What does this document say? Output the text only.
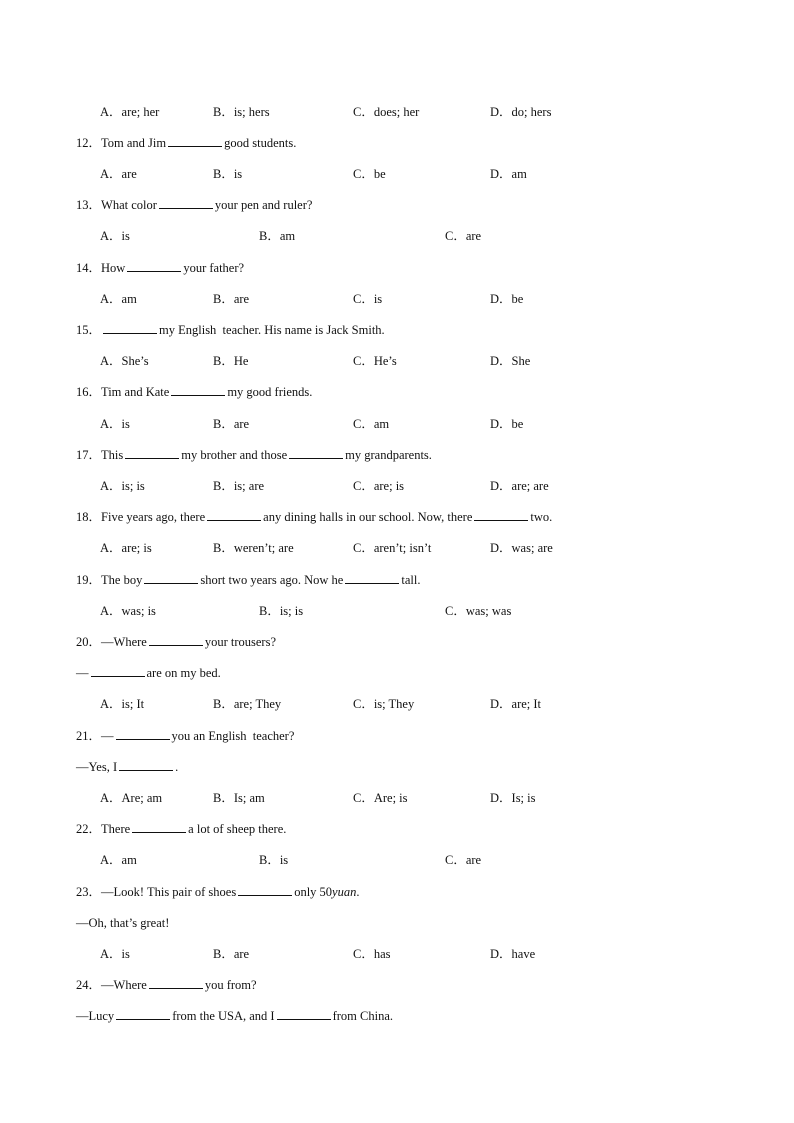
A．are; her	B．is; hers	C．does; her	D．do; hers
12．Tom and Jim	good students.
A．are	B．is	C．be	D．am
13．What color	your pen and ruler?
A．is	B．am	C．are
14．How	your father?
A．am	B．are	C．is	D．be
15．	my English  teacher. His name is Jack Smith.
A．She’s	B．He	C．He’s	D．She
16．Tim and Kate	my good friends.
A．is	B．are	C．am	D．be
17．This	my brother and those	my grandparents.
A．is; is	B．is; are	C．are; is	D．are; are
18．Five years ago, there	any dining halls in our school. Now, there	two.
A．are; is	B．weren’t; are	C．aren’t; isn’t	D．was; are
19．The boy	short two years ago. Now he	tall.
A．was; is	B．is; is	C．was; was
20．—Where	your trousers?
—	are on my bed.
A．is; It	B．are; They	C．is; They	D．are; It
21．—	you an English  teacher?
—Yes, I	.
A．Are; am	B．Is; am	C．Are; is	D．Is; is
22．There	a lot of sheep there.
A．am	B．is	C．are
23．—Look! This pair of shoes	only 50yuan.
—Oh, that’s great!
A．is	B．are	C．has	D．have
24．—Where	you from?
—Lucy	from the USA, and I	from China.
